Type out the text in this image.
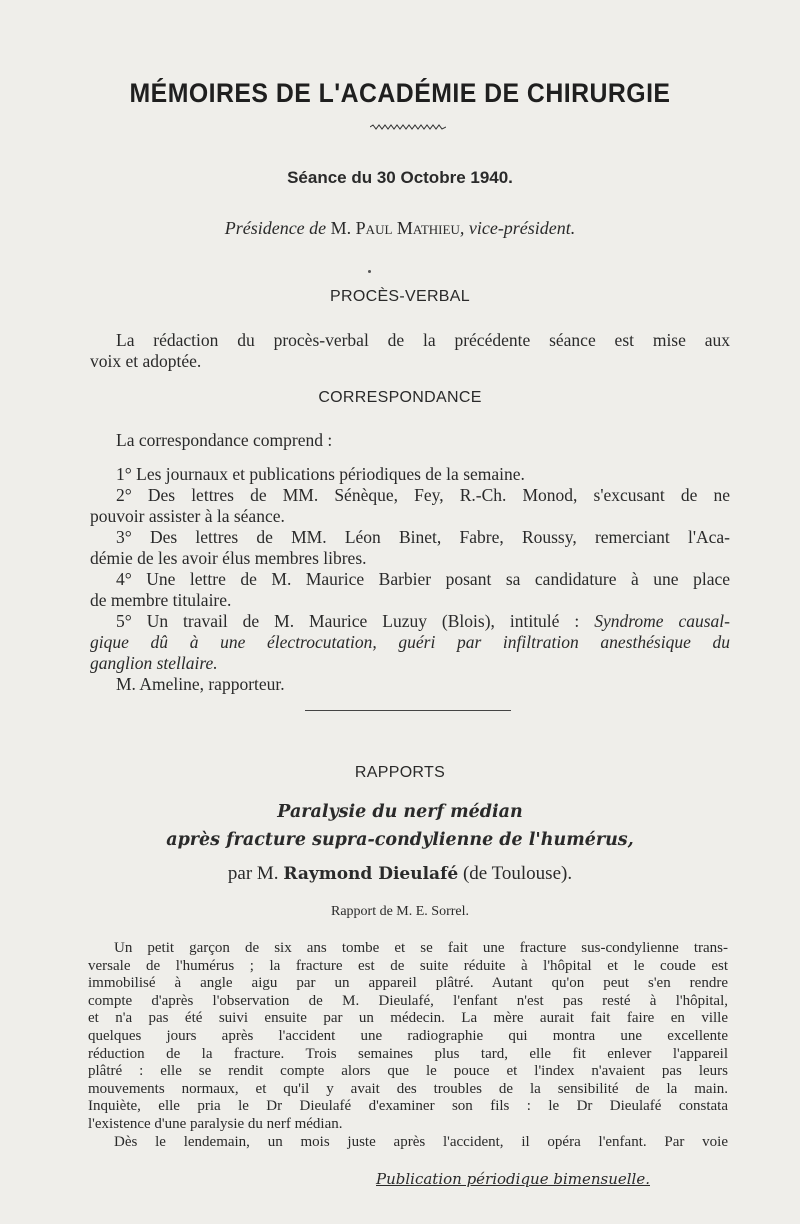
MÉMOIRES DE L'ACADÉMIE DE CHIRURGIE
Séance du 30 Octobre 1940.
Présidence de M. Paul Mathieu, vice-président.
PROCÈS-VERBAL
La rédaction du procès-verbal de la précédente séance est mise aux
voix et adoptée.
CORRESPONDANCE
La correspondance comprend :
1° Les journaux et publications périodiques de la semaine.
2° Des lettres de MM. Sénèque, Fey, R.-Ch. Monod, s'excusant de ne
pouvoir assister à la séance.
3° Des lettres de MM. Léon Binet, Fabre, Roussy, remerciant l'Aca-
démie de les avoir élus membres libres.
4° Une lettre de M. Maurice Barbier posant sa candidature à une place
de membre titulaire.
5° Un travail de M. Maurice Luzuy (Blois), intitulé : Syndrome causal-
gique dû à une électrocutation, guéri par infiltration anesthésique du
ganglion stellaire.
M. Ameline, rapporteur.
RAPPORTS
Paralysie du nerf médian
après fracture supra-condylienne de l'humérus,
par M. Raymond Dieulafé (de Toulouse).
Rapport de M. E. Sorrel.
Un petit garçon de six ans tombe et se fait une fracture sus-condylienne trans-
versale de l'humérus ; la fracture est de suite réduite à l'hôpital et le coude est
immobilisé à angle aigu par un appareil plâtré. Autant qu'on peut s'en rendre
compte d'après l'observation de M. Dieulafé, l'enfant n'est pas resté à l'hôpital,
et n'a pas été suivi ensuite par un médecin. La mère aurait fait faire en ville
quelques jours après l'accident une radiographie qui montra une excellente
réduction de la fracture. Trois semaines plus tard, elle fit enlever l'appareil
plâtré : elle se rendit compte alors que le pouce et l'index n'avaient pas leurs
mouvements normaux, et qu'il y avait des troubles de la sensibilité de la main.
Inquiète, elle pria le Dr Dieulafé d'examiner son fils : le Dr Dieulafé constata
l'existence d'une paralysie du nerf médian.
Dès le lendemain, un mois juste après l'accident, il opéra l'enfant. Par voie
Publication périodique bimensuelle.
